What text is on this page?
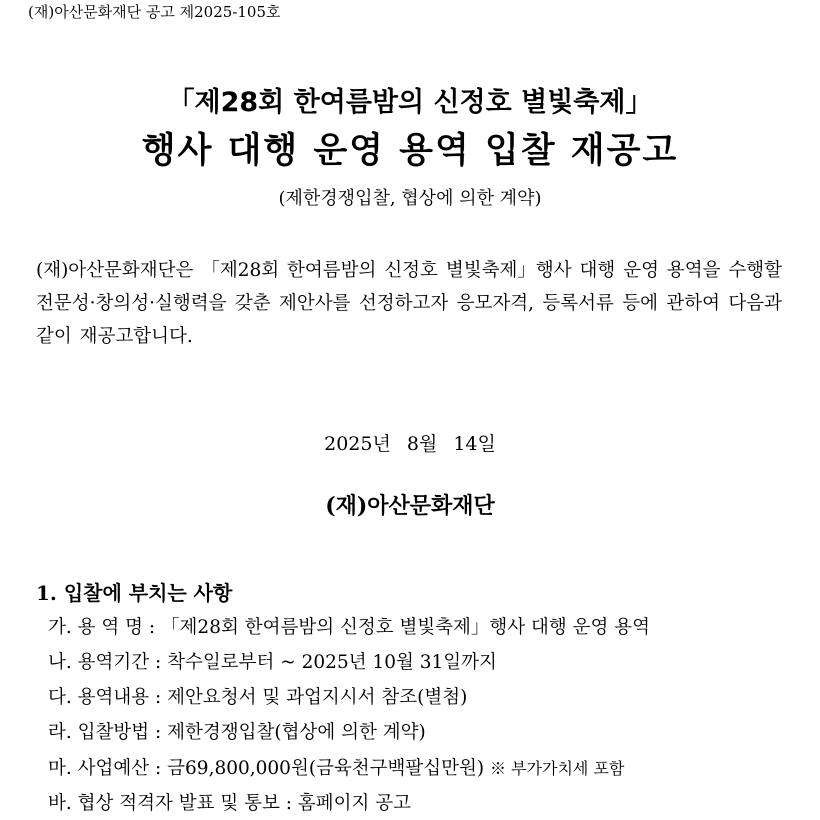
(재)아산문화재단 공고 제2025-105호
「제28회 한여름밤의 신정호 별빛축제」
행사 대행 운영 용역 입찰 재공고
(제한경쟁입찰, 협상에 의한 계약)
(재)아산문화재단은 「제28회 한여름밤의 신정호 별빛축제」행사 대행 운영 용역을 수행할 전문성·창의성·실행력을 갖춘 제안사를 선정하고자 응모자격, 등록서류 등에 관하여 다음과 같이 재공고합니다.
2025년 8월 14일
(재)아산문화재단
1. 입찰에 부치는 사항
가. 용 역 명 : 「제28회 한여름밤의 신정호 별빛축제」행사 대행 운영 용역
나. 용역기간 : 착수일로부터 ~ 2025년 10월 31일까지
다. 용역내용 : 제안요청서 및 과업지시서 참조(별첨)
라. 입찰방법 : 제한경쟁입찰(협상에 의한 계약)
마. 사업예산 : 금69,800,000원(금육천구백팔십만원) ※ 부가가치세 포함
바. 협상 적격자 발표 및 통보 : 홈페이지 공고
